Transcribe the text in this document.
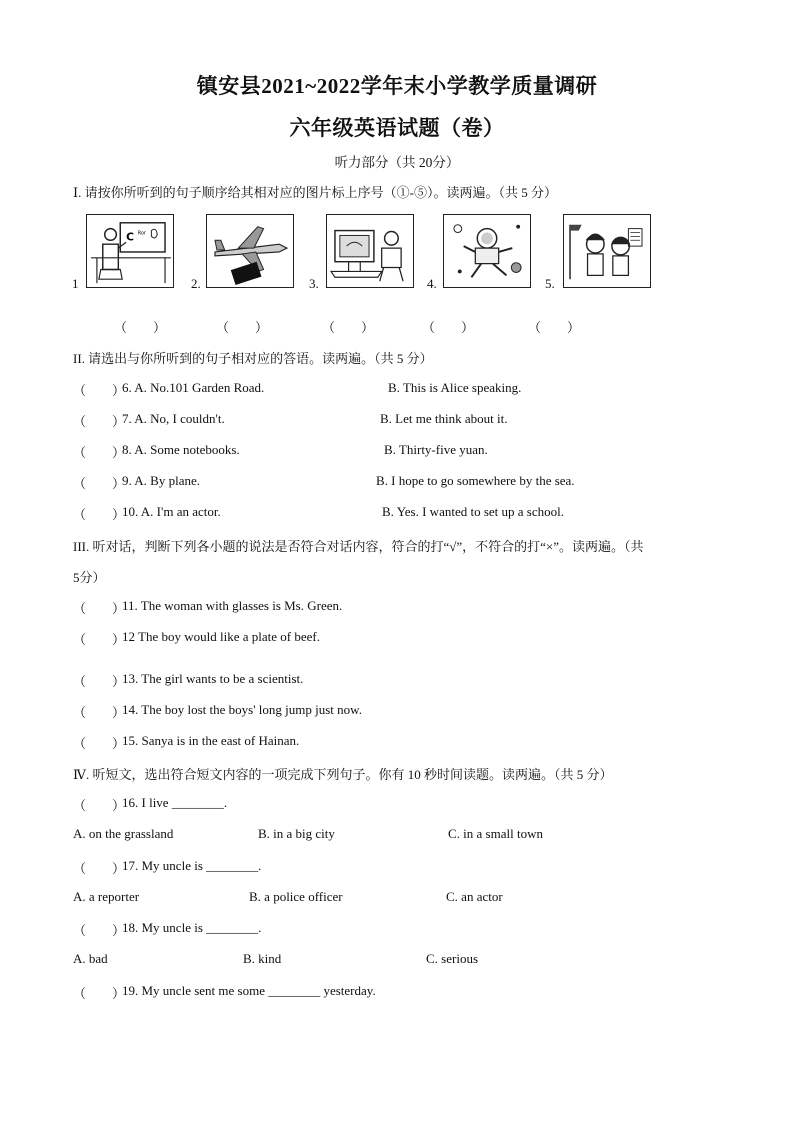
镇安县2021~2022学年末小学教学质量调研
六年级英语试题（卷）
听力部分（共 20分）
Ⅰ. 请按你所听到的句子顺序给其相对应的图片标上序号（①-⑤）。读两遍。（共 5 分）
1
C Ror
（　　）
2.
（　　）
3.
（　　）
4.
（　　）
5.
（　　）
II. 请选出与你所听到的句子相对应的答语。读两遍。（共 5 分）
（　　）
6. A. No.101 Garden Road.	B. This is Alice speaking.
（　　）
7. A. No, I couldn't.	B. Let me think about it.
（　　）
8. A. Some notebooks.	B. Thirty-five yuan.
（　　）
9. A. By plane.	B. I hope to go somewhere by the sea.
（　　）
10. A. I'm an actor.	B. Yes. I wanted to set up a school.
III. 听对话，判断下列各小题的说法是否符合对话内容，符合的打“√”，不符合的打“×”。读两遍。（共
5分）
（　　）
11. The woman with glasses is Ms. Green.
（　　）
12 The boy would like a plate of beef.
（　　）
13. The girl wants to be a scientist.
（　　）
14. The boy lost the boys' long jump just now.
（　　）
15. Sanya is in the east of Hainan.
Ⅳ. 听短文，选出符合短文内容的一项完成下列句子。你有 10 秒时间读题。读两遍。（共 5 分）
（　　）
16. I live ________.
A. on the grassland	B. in a big city	C. in a small town
（　　）
17. My uncle is ________.
A. a reporter	B. a police officer	C. an actor
（　　）
18. My uncle is ________.
A. bad	B. kind	C. serious
（　　）
19. My uncle sent me some ________ yesterday.
